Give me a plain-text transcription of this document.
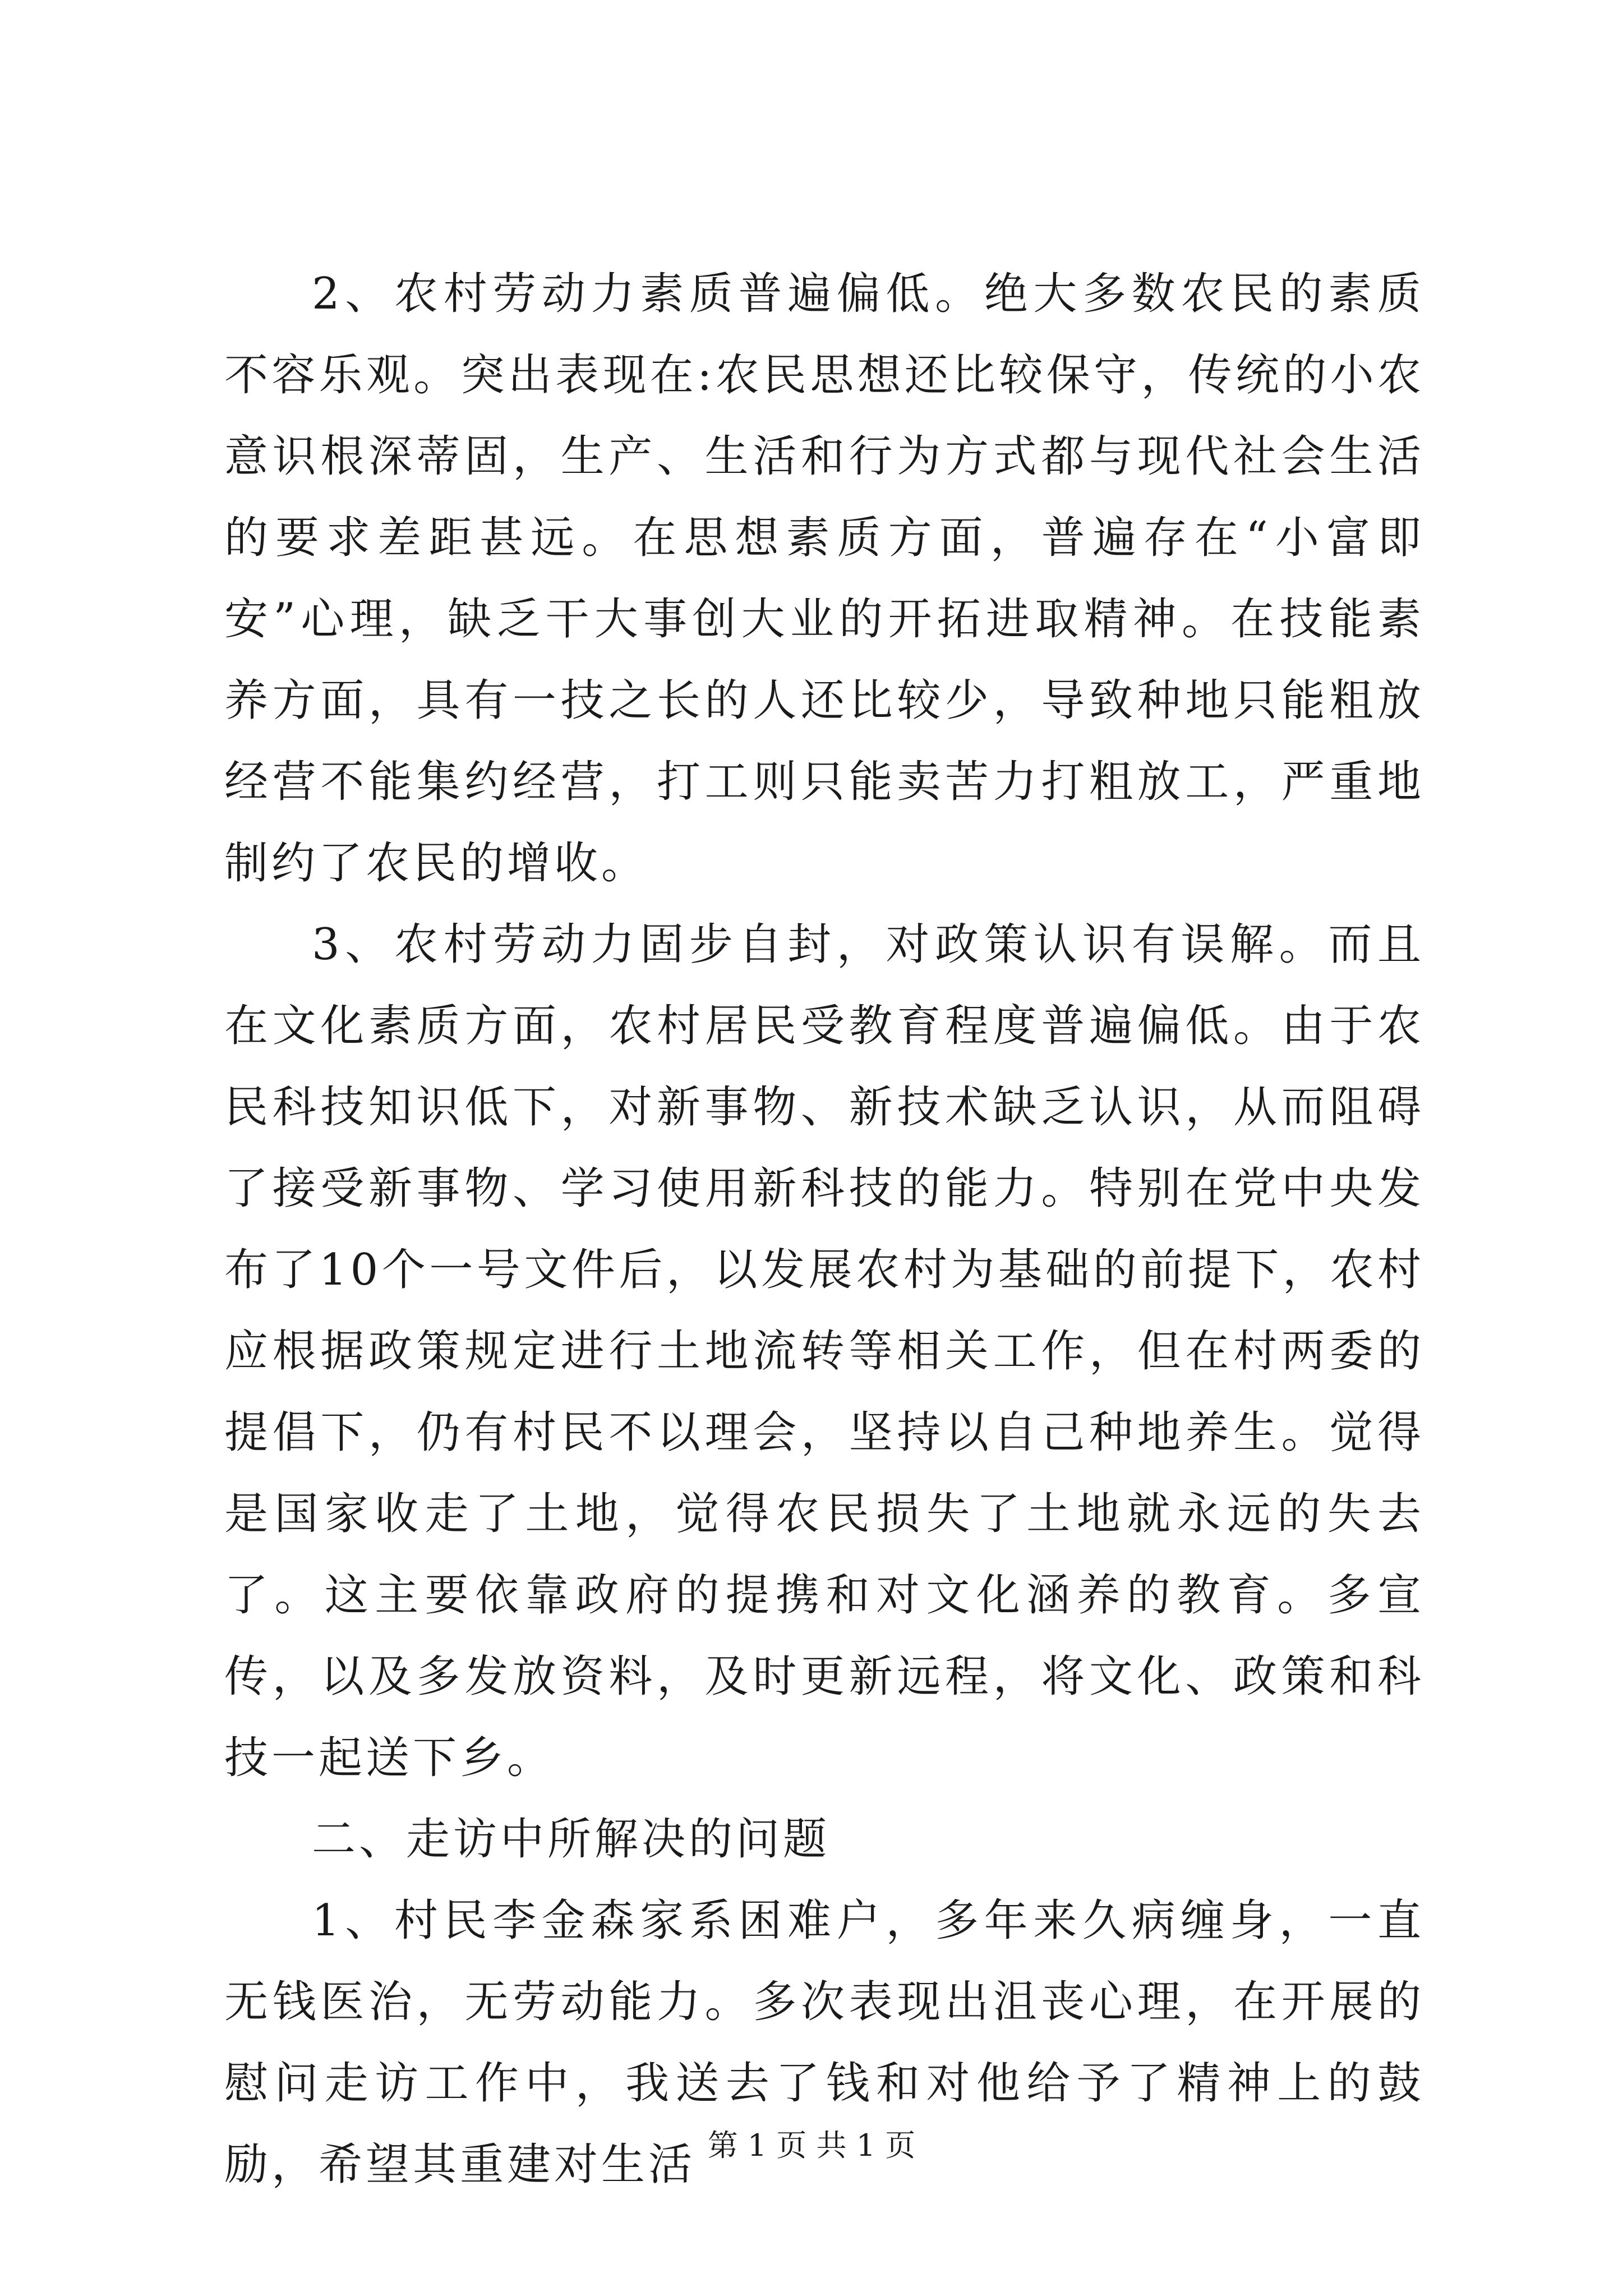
2、农村劳动力素质普遍偏低。绝大多数农民的素质不容乐观。突出表现在:农民思想还比较保守，传统的小农意识根深蒂固，生产、生活和行为方式都与现代社会生活的要求差距甚远。在思想素质方面，普遍存在“小富即安”心理，缺乏干大事创大业的开拓进取精神。在技能素养方面，具有一技之长的人还比较少，导致种地只能粗放经营不能集约经营，打工则只能卖苦力打粗放工，严重地制约了农民的增收。

3、农村劳动力固步自封，对政策认识有误解。而且在文化素质方面，农村居民受教育程度普遍偏低。由于农民科技知识低下，对新事物、新技术缺乏认识，从而阻碍了接受新事物、学习使用新科技的能力。特别在党中央发布了10个一号文件后，以发展农村为基础的前提下，农村应根据政策规定进行土地流转等相关工作，但在村两委的提倡下，仍有村民不以理会，坚持以自己种地养生。觉得是国家收走了土地，觉得农民损失了土地就永远的失去了。这主要依靠政府的提携和对文化涵养的教育。多宣传，以及多发放资料，及时更新远程，将文化、政策和科技一起送下乡。

二、走访中所解决的问题

1、村民李金森家系困难户，多年来久病缠身，一直无钱医治，无劳动能力。多次表现出沮丧心理，在开展的慰问走访工作中，我送去了钱和对他给予了精神上的鼓励，希望其重建对生活 第 1 页 共 1 页
